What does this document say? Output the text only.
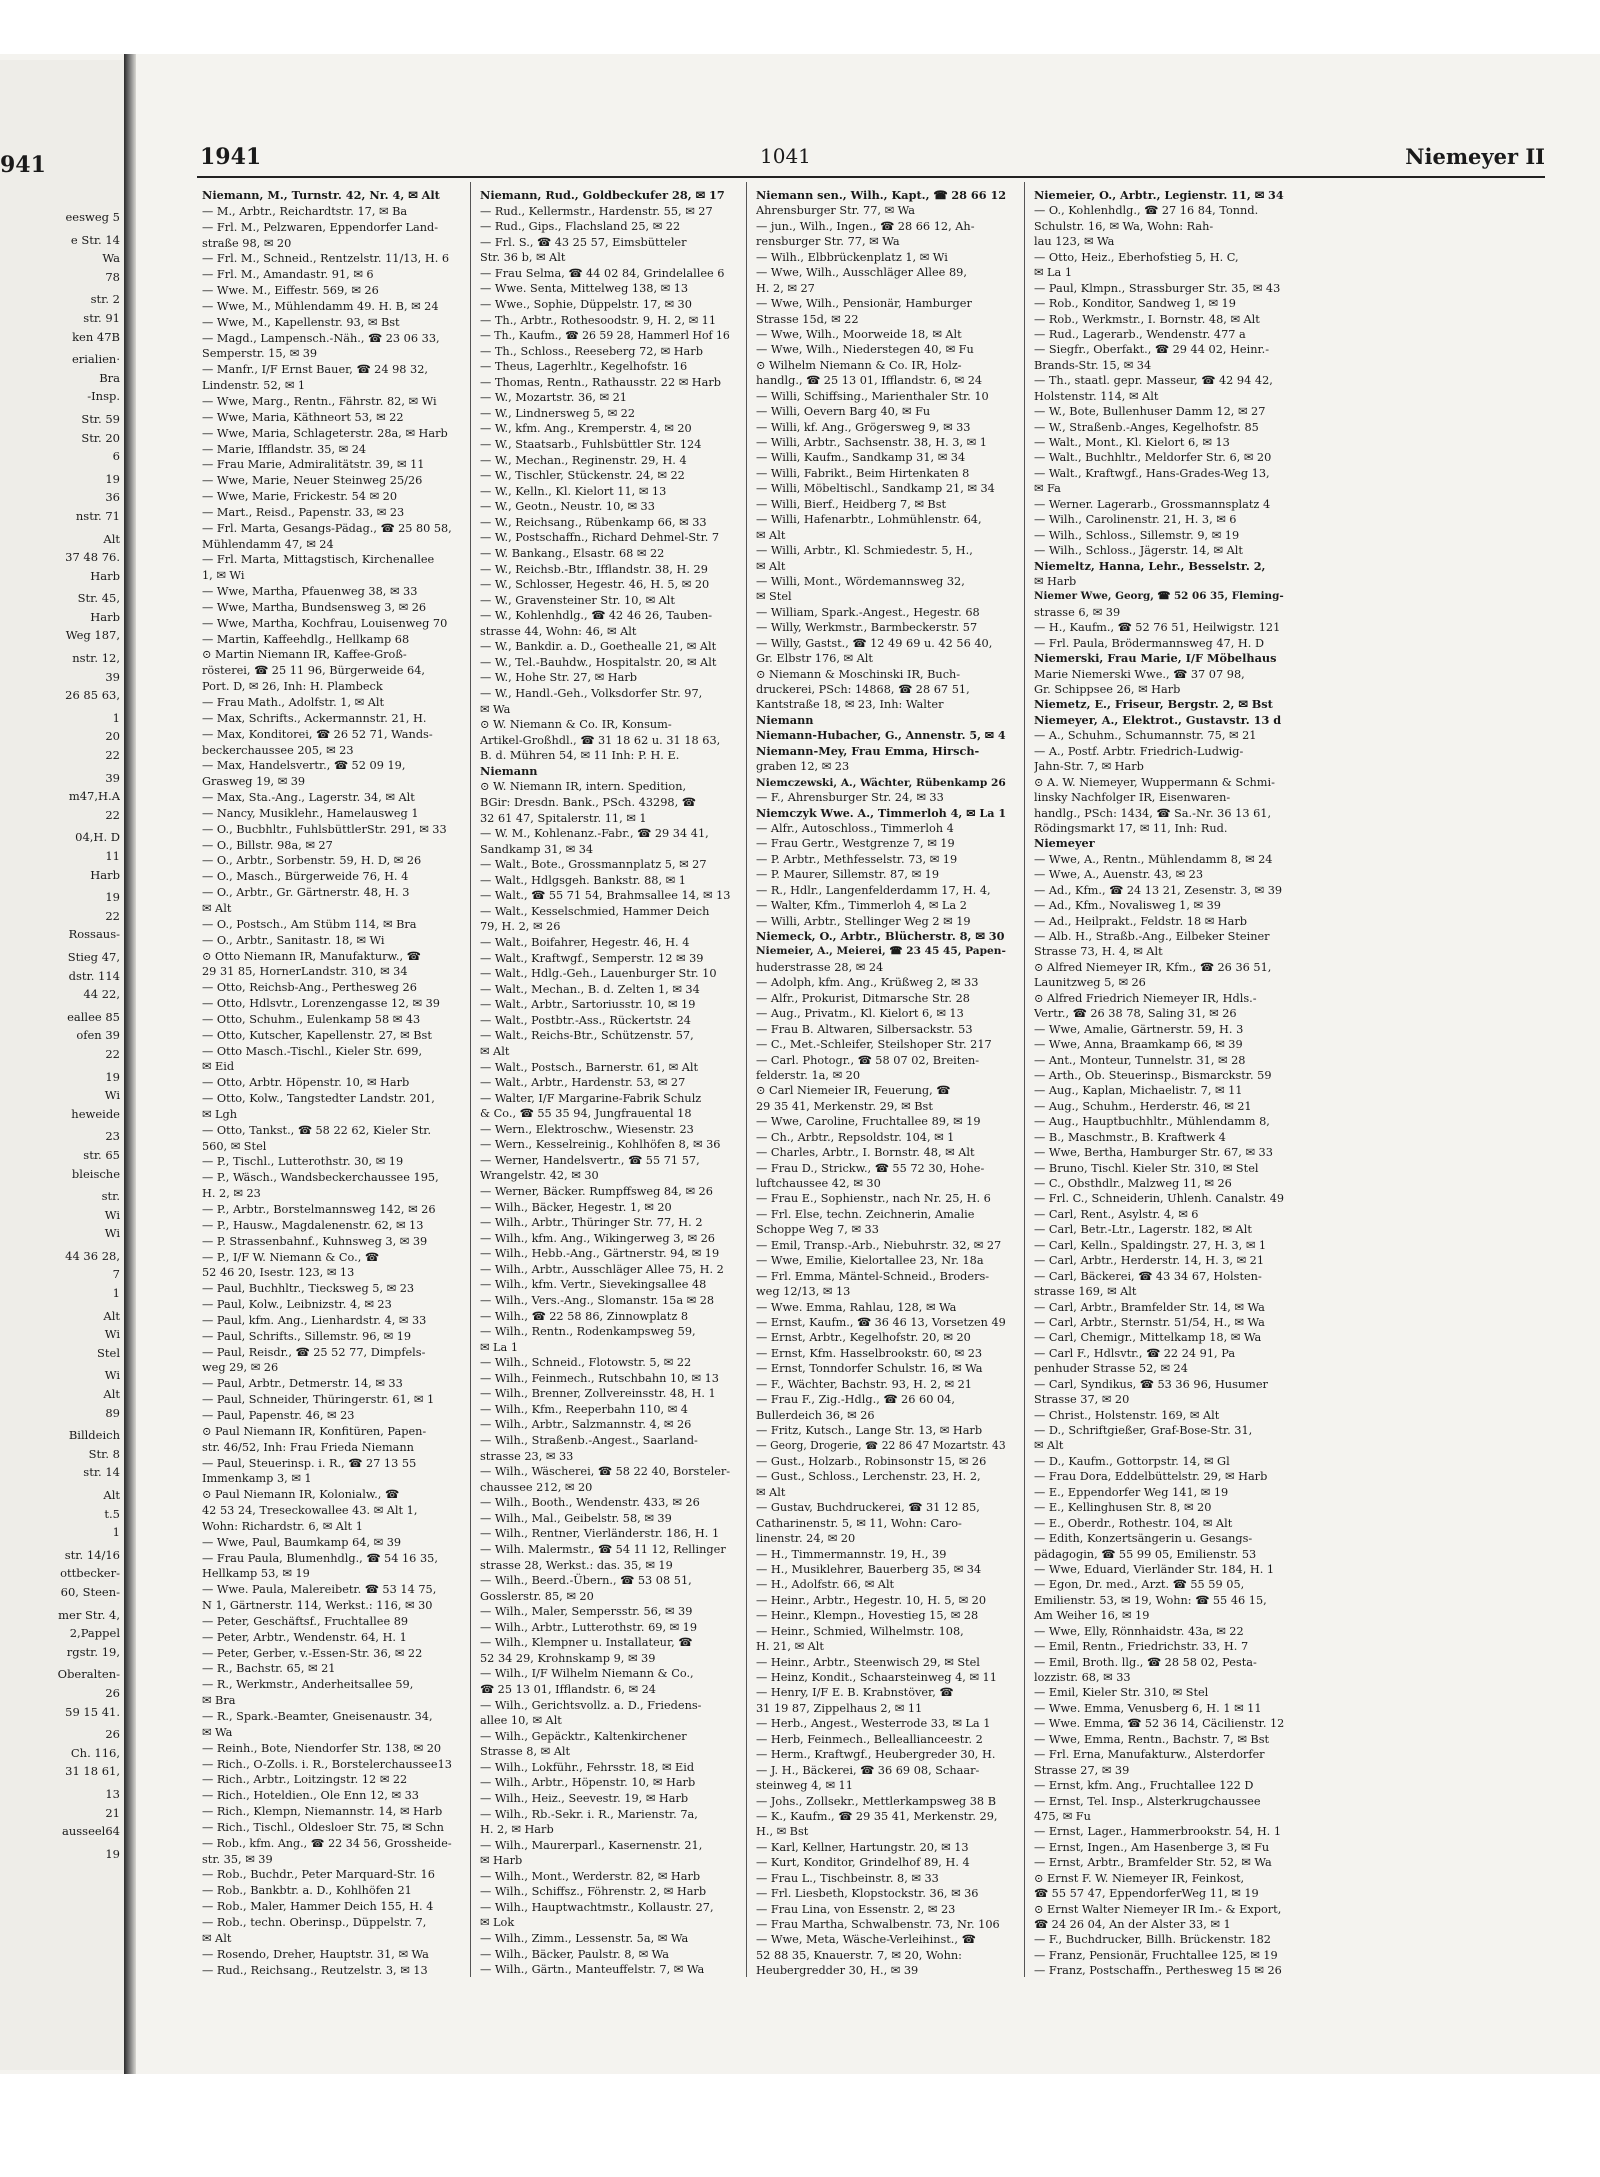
941
eesweg 5
e Str. 14
Wa
78
str. 2
str. 91
ken 47B
erialien·
Bra
-Insp.
Str. 59
Str. 20
6
19
36
nstr. 71
Alt
37 48 76.
Harb
Str. 45,
Harb
Weg 187,
nstr. 12,
39
26 85 63,
1
20
22
39
m47,H.A
22
04,H. D
11
Harb
19
22
Rossaus-
Stieg 47,
dstr. 114
44 22,
eallee 85
ofen 39
22
19
Wi
heweide
23
str. 65
bleische
str.
Wi
Wi
44 36 28,
7
1
Alt
Wi
Stel
Wi
Alt
89
Billdeich
Str. 8
str. 14
Alt
t.5
1
str. 14/16
ottbecker-
60, Steen-
mer Str. 4,
2,Pappel
rgstr. 19,
Oberalten-
26
59 15 41.
26
Ch. 116,
31 18 61,
13
21
ausseel64
19
1941	1041	Niemeyer II
Niemann, M., Turnstr. 42, Nr. 4, ✉ Alt
— M., Arbtr., Reichardtstr. 17, ✉ Ba
— Frl. M., Pelzwaren, Eppendorfer Land-
straße 98, ✉ 20
— Frl. M., Schneid., Rentzelstr. 11/13, H. 6
— Frl. M., Amandastr. 91, ✉ 6
— Wwe. M., Eiffestr. 569, ✉ 26
— Wwe, M., Mühlendamm 49. H. B, ✉ 24
— Wwe, M., Kapellenstr. 93, ✉ Bst
— Magd., Lampensch.-Näh., ☎ 23 06 33,
Semperstr. 15, ✉ 39
— Manfr., I/F Ernst Bauer, ☎ 24 98 32,
Lindenstr. 52, ✉ 1
— Wwe, Marg., Rentn., Fährstr. 82, ✉ Wi
— Wwe, Maria, Käthneort 53, ✉ 22
— Wwe, Maria, Schlageterstr. 28a, ✉ Harb
— Marie, Ifflandstr. 35, ✉ 24
— Frau Marie, Admiralitätstr. 39, ✉ 11
— Wwe, Marie, Neuer Steinweg 25/26
— Wwe, Marie, Frickestr. 54 ✉ 20
— Mart., Reisd., Papenstr. 33, ✉ 23
— Frl. Marta, Gesangs-Pädag., ☎ 25 80 58,
Mühlendamm 47, ✉ 24
— Frl. Marta, Mittagstisch, Kirchenallee
1, ✉ Wi
— Wwe, Martha, Pfauenweg 38, ✉ 33
— Wwe, Martha, Bundsensweg 3, ✉ 26
— Wwe, Martha, Kochfrau, Louisenweg 70
— Martin, Kaffeehdlg., Hellkamp 68
⊙ Martin Niemann IR, Kaffee-Groß-
rösterei, ☎ 25 11 96, Bürgerweide 64,
Port. D, ✉ 26, Inh: H. Plambeck
— Frau Math., Adolfstr. 1, ✉ Alt
— Max, Schrifts., Ackermannstr. 21, H.
— Max, Konditorei, ☎ 26 52 71, Wands-
beckerchaussee 205, ✉ 23
— Max, Handelsvertr., ☎ 52 09 19,
Grasweg 19, ✉ 39
— Max, Sta.-Ang., Lagerstr. 34, ✉ Alt
— Nancy, Musiklehr., Hamelausweg 1
— O., Bucbhltr., FuhlsbüttlerStr. 291, ✉ 33
— O., Billstr. 98a, ✉ 27
— O., Arbtr., Sorbenstr. 59, H. D, ✉ 26
— O., Masch., Bürgerweide 76, H. 4
— O., Arbtr., Gr. Gärtnerstr. 48, H. 3
✉ Alt
— O., Postsch., Am Stübm 114, ✉ Bra
— O., Arbtr., Sanitastr. 18, ✉ Wi
⊙ Otto Niemann IR, Manufakturw., ☎
29 31 85, HornerLandstr. 310, ✉ 34
— Otto, Reichsb-Ang., Perthesweg 26
— Otto, Hdlsvtr., Lorenzengasse 12, ✉ 39
— Otto, Schuhm., Eulenkamp 58 ✉ 43
— Otto, Kutscher, Kapellenstr. 27, ✉ Bst
— Otto Masch.-Tischl., Kieler Str. 699,
✉ Eid
— Otto, Arbtr. Höpenstr. 10, ✉ Harb
— Otto, Kolw., Tangstedter Landstr. 201,
✉ Lgh
— Otto, Tankst., ☎ 58 22 62, Kieler Str.
560, ✉ Stel
— P., Tischl., Lutterothstr. 30, ✉ 19
— P., Wäsch., Wandsbeckerchaussee 195,
H. 2, ✉ 23
— P., Arbtr., Borstelmannsweg 142, ✉ 26
— P., Hausw., Magdalenenstr. 62, ✉ 13
— P. Strassenbahnf., Kuhnsweg 3, ✉ 39
— P., I/F W. Niemann & Co., ☎
52 46 20, Isestr. 123, ✉ 13
— Paul, Buchhltr., Tiecksweg 5, ✉ 23
— Paul, Kolw., Leibnizstr. 4, ✉ 23
— Paul, kfm. Ang., Lienhardstr. 4, ✉ 33
— Paul, Schrifts., Sillemstr. 96, ✉ 19
— Paul, Reisdr., ☎ 25 52 77, Dimpfels-
weg 29, ✉ 26
— Paul, Arbtr., Detmerstr. 14, ✉ 33
— Paul, Schneider, Thüringerstr. 61, ✉ 1
— Paul, Papenstr. 46, ✉ 23
⊙ Paul Niemann IR, Konfitüren, Papen-
str. 46/52, Inh: Frau Frieda Niemann
— Paul, Steuerinsp. i. R., ☎ 27 13 55
Immenkamp 3, ✉ 1
⊙ Paul Niemann IR, Kolonialw., ☎
42 53 24, Treseckowallee 43. ✉ Alt 1,
Wohn: Richardstr. 6, ✉ Alt 1
— Wwe, Paul, Baumkamp 64, ✉ 39
— Frau Paula, Blumenhdlg., ☎ 54 16 35,
Hellkamp 53, ✉ 19
— Wwe. Paula, Malereibetr. ☎ 53 14 75,
N 1, Gärtnerstr. 114, Werkst.: 116, ✉ 30
— Peter, Geschäftsf., Fruchtallee 89
— Peter, Arbtr., Wendenstr. 64, H. 1
— Peter, Gerber, v.-Essen-Str. 36, ✉ 22
— R., Bachstr. 65, ✉ 21
— R., Werkmstr., Anderheitsallee 59,
✉ Bra
— R., Spark.-Beamter, Gneisenaustr. 34,
✉ Wa
— Reinh., Bote, Niendorfer Str. 138, ✉ 20
— Rich., O-Zolls. i. R., Borstelerchaussee13
— Rich., Arbtr., Loitzingstr. 12 ✉ 22
— Rich., Hoteldien., Ole Enn 12, ✉ 33
— Rich., Klempn, Niemannstr. 14, ✉ Harb
— Rich., Tischl., Oldesloer Str. 75, ✉ Schn
— Rob., kfm. Ang., ☎ 22 34 56, Grossheide-
str. 35, ✉ 39
— Rob., Buchdr., Peter Marquard-Str. 16
— Rob., Bankbtr. a. D., Kohlhöfen 21
— Rob., Maler, Hammer Deich 155, H. 4
— Rob., techn. Oberinsp., Düppelstr. 7,
✉ Alt
— Rosendo, Dreher, Hauptstr. 31, ✉ Wa
— Rud., Reichsang., Reutzelstr. 3, ✉ 13
Niemann, Rud., Goldbeckufer 28, ✉ 17
— Rud., Kellermstr., Hardenstr. 55, ✉ 27
— Rud., Gips., Flachsland 25, ✉ 22
— Frl. S., ☎ 43 25 57, Eimsbütteler
Str. 36 b, ✉ Alt
— Frau Selma, ☎ 44 02 84, Grindelallee 6
— Wwe. Senta, Mittelweg 138, ✉ 13
— Wwe., Sophie, Düppelstr. 17, ✉ 30
— Th., Arbtr., Rothesoodstr. 9, H. 2, ✉ 11
— Th., Kaufm., ☎ 26 59 28, Hammerl Hof 16
— Th., Schloss., Reeseberg 72, ✉ Harb
— Theus, Lagerhltr., Kegelhofstr. 16
— Thomas, Rentn., Rathausstr. 22 ✉ Harb
— W., Mozartstr. 36, ✉ 21
— W., Lindnersweg 5, ✉ 22
— W., kfm. Ang., Kremperstr. 4, ✉ 20
— W., Staatsarb., Fuhlsbüttler Str. 124
— W., Mechan., Reginenstr. 29, H. 4
— W., Tischler, Stückenstr. 24, ✉ 22
— W., Kelln., Kl. Kielort 11, ✉ 13
— W., Geotn., Neustr. 10, ✉ 33
— W., Reichsang., Rübenkamp 66, ✉ 33
— W., Postschaffn., Richard Dehmel-Str. 7
— W. Bankang., Elsastr. 68 ✉ 22
— W., Reichsb.-Btr., Ifflandstr. 38, H. 29
— W., Schlosser, Hegestr. 46, H. 5, ✉ 20
— W., Gravensteiner Str. 10, ✉ Alt
— W., Kohlenhdlg., ☎ 42 46 26, Tauben-
strasse 44, Wohn: 46, ✉ Alt
— W., Bankdir. a. D., Goethealle 21, ✉ Alt
— W., Tel.-Bauhdw., Hospitalstr. 20, ✉ Alt
— W., Hohe Str. 27, ✉ Harb
— W., Handl.-Geh., Volksdorfer Str. 97,
✉ Wa
⊙ W. Niemann & Co. IR, Konsum-
Artikel-Großhdl., ☎ 31 18 62 u. 31 18 63,
B. d. Mühren 54, ✉ 11 Inh: P. H. E.
Niemann
⊙ W. Niemann IR, intern. Spedition,
BGir: Dresdn. Bank., PSch. 43298, ☎
32 61 47, Spitalerstr. 11, ✉ 1
— W. M., Kohlenanz.-Fabr., ☎ 29 34 41,
Sandkamp 31, ✉ 34
— Walt., Bote., Grossmannplatz 5, ✉ 27
— Walt., Hdlgsgeh. Bankstr. 88, ✉ 1
— Walt., ☎ 55 71 54, Brahmsallee 14, ✉ 13
— Walt., Kesselschmied, Hammer Deich
79, H. 2, ✉ 26
— Walt., Boifahrer, Hegestr. 46, H. 4
— Walt., Kraftwgf., Semperstr. 12 ✉ 39
— Walt., Hdlg.-Geh., Lauenburger Str. 10
— Walt., Mechan., B. d. Zelten 1, ✉ 34
— Walt., Arbtr., Sartoriusstr. 10, ✉ 19
— Walt., Postbtr.-Ass., Rückertstr. 24
— Walt., Reichs-Btr., Schützenstr. 57,
✉ Alt
— Walt., Postsch., Barnerstr. 61, ✉ Alt
— Walt., Arbtr., Hardenstr. 53, ✉ 27
— Walter, I/F Margarine-Fabrik Schulz
& Co., ☎ 55 35 94, Jungfrauental 18
— Wern., Elektroschw., Wiesenstr. 23
— Wern., Kesselreinig., Kohlhöfen 8, ✉ 36
— Werner, Handelsvertr., ☎ 55 71 57,
Wrangelstr. 42, ✉ 30
— Werner, Bäcker. Rumpffsweg 84, ✉ 26
— Wilh., Bäcker, Hegestr. 1, ✉ 20
— Wilh., Arbtr., Thüringer Str. 77, H. 2
— Wilh., kfm. Ang., Wikingerweg 3, ✉ 26
— Wilh., Hebb.-Ang., Gärtnerstr. 94, ✉ 19
— Wilh., Arbtr., Ausschläger Allee 75, H. 2
— Wilh., kfm. Vertr., Sievekingsallee 48
— Wilh., Vers.-Ang., Slomanstr. 15a ✉ 28
— Wilh., ☎ 22 58 86, Zinnowplatz 8
— Wilh., Rentn., Rodenkampsweg 59,
✉ La 1
— Wilh., Schneid., Flotowstr. 5, ✉ 22
— Wilh., Feinmech., Rutschbahn 10, ✉ 13
— Wilh., Brenner, Zollvereinsstr. 48, H. 1
— Wilh., Kfm., Reeperbahn 110, ✉ 4
— Wilh., Arbtr., Salzmannstr. 4, ✉ 26
— Wilh., Straßenb.-Angest., Saarland-
strasse 23, ✉ 33
— Wilh., Wäscherei, ☎ 58 22 40, Borsteler-
chaussee 212, ✉ 20
— Wilh., Booth., Wendenstr. 433, ✉ 26
— Wilh., Mal., Geibelstr. 58, ✉ 39
— Wilh., Rentner, Vierländerstr. 186, H. 1
— Wilh. Malermstr., ☎ 54 11 12, Rellinger
strasse 28, Werkst.: das. 35, ✉ 19
— Wilh., Beerd.-Übern., ☎ 53 08 51,
Gosslerstr. 85, ✉ 20
— Wilh., Maler, Sempersstr. 56, ✉ 39
— Wilh., Arbtr., Lutterothstr. 69, ✉ 19
— Wilh., Klempner u. Installateur, ☎
52 34 29, Krohnskamp 9, ✉ 39
— Wilh., I/F Wilhelm Niemann & Co.,
☎ 25 13 01, Ifflandstr. 6, ✉ 24
— Wilh., Gerichtsvollz. a. D., Friedens-
allee 10, ✉ Alt
— Wilh., Gepäcktr., Kaltenkirchener
Strasse 8, ✉ Alt
— Wilh., Lokführ., Fehrsstr. 18, ✉ Eid
— Wilh., Arbtr., Höpenstr. 10, ✉ Harb
— Wilh., Heiz., Seevestr. 19, ✉ Harb
— Wilh., Rb.-Sekr. i. R., Marienstr. 7a,
H. 2, ✉ Harb
— Wilh., Maurerparl., Kasernenstr. 21,
✉ Harb
— Wilh., Mont., Werderstr. 82, ✉ Harb
— Wilh., Schiffsz., Föhrenstr. 2, ✉ Harb
— Wilh., Hauptwachtmstr., Kollaustr. 27,
✉ Lok
— Wilh., Zimm., Lessenstr. 5a, ✉ Wa
— Wilh., Bäcker, Paulstr. 8, ✉ Wa
— Wilh., Gärtn., Manteuffelstr. 7, ✉ Wa
Niemann sen., Wilh., Kapt., ☎ 28 66 12
Ahrensburger Str. 77, ✉ Wa
— jun., Wilh., Ingen., ☎ 28 66 12, Ah-
rensburger Str. 77, ✉ Wa
— Wilh., Elbbrückenplatz 1, ✉ Wi
— Wwe, Wilh., Ausschläger Allee 89,
H. 2, ✉ 27
— Wwe, Wilh., Pensionär, Hamburger
Strasse 15d, ✉ 22
— Wwe, Wilh., Moorweide 18, ✉ Alt
— Wwe, Wilh., Niederstegen 40, ✉ Fu
⊙ Wilhelm Niemann & Co. IR, Holz-
handlg., ☎ 25 13 01, Ifflandstr. 6, ✉ 24
— Willi, Schiffsing., Marienthaler Str. 10
— Willi, Oevern Barg 40, ✉ Fu
— Willi, kf. Ang., Grögersweg 9, ✉ 33
— Willi, Arbtr., Sachsenstr. 38, H. 3, ✉ 1
— Willi, Kaufm., Sandkamp 31, ✉ 34
— Willi, Fabrikt., Beim Hirtenkaten 8
— Willi, Möbeltischl., Sandkamp 21, ✉ 34
— Willi, Bierf., Heidberg 7, ✉ Bst
— Willi, Hafenarbtr., Lohmühlenstr. 64,
✉ Alt
— Willi, Arbtr., Kl. Schmiedestr. 5, H.,
✉ Alt
— Willi, Mont., Wördemannsweg 32,
✉ Stel
— William, Spark.-Angest., Hegestr. 68
— Willy, Werkmstr., Barmbeckerstr. 57
— Willy, Gastst., ☎ 12 49 69 u. 42 56 40,
Gr. Elbstr 176, ✉ Alt
⊙ Niemann & Moschinski IR, Buch-
druckerei, PSch: 14868, ☎ 28 67 51,
Kantstraße 18, ✉ 23, Inh: Walter
Niemann
Niemann-Hubacher, G., Annenstr. 5, ✉ 4
Niemann-Mey, Frau Emma, Hirsch-
graben 12, ✉ 23
Niemczewski, A., Wächter, Rübenkamp 26
— F., Ahrensburger Str. 24, ✉ 33
Niemczyk Wwe. A., Timmerloh 4, ✉ La 1
— Alfr., Autoschloss., Timmerloh 4
— Frau Gertr., Westgrenze 7, ✉ 19
— P. Arbtr., Methfesselstr. 73, ✉ 19
— P. Maurer, Sillemstr. 87, ✉ 19
— R., Hdlr., Langenfelderdamm 17, H. 4,
— Walter, Kfm., Timmerloh 4, ✉ La 2
— Willi, Arbtr., Stellinger Weg 2 ✉ 19
Niemeck, O., Arbtr., Blücherstr. 8, ✉ 30
Niemeier, A., Meierei, ☎ 23 45 45, Papen-
huderstrasse 28, ✉ 24
— Adolph, kfm. Ang., Krüßweg 2, ✉ 33
— Alfr., Prokurist, Ditmarsche Str. 28
— Aug., Privatm., Kl. Kielort 6, ✉ 13
— Frau B. Altwaren, Silbersackstr. 53
— C., Met.-Schleifer, Steilshoper Str. 217
— Carl. Photogr., ☎ 58 07 02, Breiten-
felderstr. 1a, ✉ 20
⊙ Carl Niemeier IR, Feuerung, ☎
29 35 41, Merkenstr. 29, ✉ Bst
— Wwe, Caroline, Fruchtallee 89, ✉ 19
— Ch., Arbtr., Repsoldstr. 104, ✉ 1
— Charles, Arbtr., I. Bornstr. 48, ✉ Alt
— Frau D., Strickw., ☎ 55 72 30, Hohe-
luftchaussee 42, ✉ 30
— Frau E., Sophienstr., nach Nr. 25, H. 6
— Frl. Else, techn. Zeichnerin, Amalie
Schoppe Weg 7, ✉ 33
— Emil, Transp.-Arb., Niebuhrstr. 32, ✉ 27
— Wwe, Emilie, Kielortallee 23, Nr. 18a
— Frl. Emma, Mäntel-Schneid., Broders-
weg 12/13, ✉ 13
— Wwe. Emma, Rahlau, 128, ✉ Wa
— Ernst, Kaufm., ☎ 36 46 13, Vorsetzen 49
— Ernst, Arbtr., Kegelhofstr. 20, ✉ 20
— Ernst, Kfm. Hasselbrookstr. 60, ✉ 23
— Ernst, Tonndorfer Schulstr. 16, ✉ Wa
— F., Wächter, Bachstr. 93, H. 2, ✉ 21
— Frau F., Zig.-Hdlg., ☎ 26 60 04,
Bullerdeich 36, ✉ 26
— Fritz, Kutsch., Lange Str. 13, ✉ Harb
— Georg, Drogerie, ☎ 22 86 47 Mozartstr. 43
— Gust., Holzarb., Robinsonstr 15, ✉ 26
— Gust., Schloss., Lerchenstr. 23, H. 2,
✉ Alt
— Gustav, Buchdruckerei, ☎ 31 12 85,
Catharinenstr. 5, ✉ 11, Wohn: Caro-
linenstr. 24, ✉ 20
— H., Timmermannstr. 19, H., 39
— H., Musiklehrer, Bauerberg 35, ✉ 34
— H., Adolfstr. 66, ✉ Alt
— Heinr., Arbtr., Hegestr. 10, H. 5, ✉ 20
— Heinr., Klempn., Hovestieg 15, ✉ 28
— Heinr., Schmied, Wilhelmstr. 108,
H. 21, ✉ Alt
— Heinr., Arbtr., Steenwisch 29, ✉ Stel
— Heinz, Kondit., Schaarsteinweg 4, ✉ 11
— Henry, I/F E. B. Krabnstöver, ☎
31 19 87, Zippelhaus 2, ✉ 11
— Herb., Angest., Westerrode 33, ✉ La 1
— Herb, Feinmech., Belleallianceestr. 2
— Herm., Kraftwgf., Heubergreder 30, H.
— J. H., Bäckerei, ☎ 36 69 08, Schaar-
steinweg 4, ✉ 11
— Johs., Zollsekr., Mettlerkampsweg 38 B
— K., Kaufm., ☎ 29 35 41, Merkenstr. 29,
H., ✉ Bst
— Karl, Kellner, Hartungstr. 20, ✉ 13
— Kurt, Konditor, Grindelhof 89, H. 4
— Frau L., Tischbeinstr. 8, ✉ 33
— Frl. Liesbeth, Klopstockstr. 36, ✉ 36
— Frau Lina, von Essenstr. 2, ✉ 23
— Frau Martha, Schwalbenstr. 73, Nr. 106
— Wwe, Meta, Wäsche-Verleihinst., ☎
52 88 35, Knauerstr. 7, ✉ 20, Wohn:
Heubergredder 30, H., ✉ 39
Niemeier, O., Arbtr., Legienstr. 11, ✉ 34
— O., Kohlenhdlg., ☎ 27 16 84, Tonnd.
Schulstr. 16, ✉ Wa, Wohn: Rah-
lau 123, ✉ Wa
— Otto, Heiz., Eberhofstieg 5, H. C,
✉ La 1
— Paul, Klmpn., Strassburger Str. 35, ✉ 43
— Rob., Konditor, Sandweg 1, ✉ 19
— Rob., Werkmstr., I. Bornstr. 48, ✉ Alt
— Rud., Lagerarb., Wendenstr. 477 a
— Siegfr., Oberfakt., ☎ 29 44 02, Heinr.-
Brands-Str. 15, ✉ 34
— Th., staatl. gepr. Masseur, ☎ 42 94 42,
Holstenstr. 114, ✉ Alt
— W., Bote, Bullenhuser Damm 12, ✉ 27
— W., Straßenb.-Anges, Kegelhofstr. 85
— Walt., Mont., Kl. Kielort 6, ✉ 13
— Walt., Buchhltr., Meldorfer Str. 6, ✉ 20
— Walt., Kraftwgf., Hans-Grades-Weg 13,
✉ Fa
— Werner. Lagerarb., Grossmannsplatz 4
— Wilh., Carolinenstr. 21, H. 3, ✉ 6
— Wilh., Schloss., Sillemstr. 9, ✉ 19
— Wilh., Schloss., Jägerstr. 14, ✉ Alt
Niemeltz, Hanna, Lehr., Besselstr. 2,
✉ Harb
Niemer Wwe, Georg, ☎ 52 06 35, Fleming-
strasse 6, ✉ 39
— H., Kaufm., ☎ 52 76 51, Heilwigstr. 121
— Frl. Paula, Brödermannsweg 47, H. D
Niemerski, Frau Marie, I/F Möbelhaus
Marie Niemerski Wwe., ☎ 37 07 98,
Gr. Schippsee 26, ✉ Harb
Niemetz, E., Friseur, Bergstr. 2, ✉ Bst
Niemeyer, A., Elektrot., Gustavstr. 13 d
— A., Schuhm., Schumannstr. 75, ✉ 21
— A., Postf. Arbtr. Friedrich-Ludwig-
Jahn-Str. 7, ✉ Harb
⊙ A. W. Niemeyer, Wuppermann & Schmi-
linsky Nachfolger IR, Eisenwaren-
handlg., PSch: 1434, ☎ Sa.-Nr. 36 13 61,
Rödingsmarkt 17, ✉ 11, Inh: Rud.
Niemeyer
— Wwe, A., Rentn., Mühlendamm 8, ✉ 24
— Wwe, A., Auenstr. 43, ✉ 23
— Ad., Kfm., ☎ 24 13 21, Zesenstr. 3, ✉ 39
— Ad., Kfm., Novalisweg 1, ✉ 39
— Ad., Heilprakt., Feldstr. 18 ✉ Harb
— Alb. H., Straßb.-Ang., Eilbeker Steiner
Strasse 73, H. 4, ✉ Alt
⊙ Alfred Niemeyer IR, Kfm., ☎ 26 36 51,
Launitzweg 5, ✉ 26
⊙ Alfred Friedrich Niemeyer IR, Hdls.-
Vertr., ☎ 26 38 78, Saling 31, ✉ 26
— Wwe, Amalie, Gärtnerstr. 59, H. 3
— Wwe, Anna, Braamkamp 66, ✉ 39
— Ant., Monteur, Tunnelstr. 31, ✉ 28
— Arth., Ob. Steuerinsp., Bismarckstr. 59
— Aug., Kaplan, Michaelistr. 7, ✉ 11
— Aug., Schuhm., Herderstr. 46, ✉ 21
— Aug., Hauptbuchhltr., Mühlendamm 8,
— B., Maschmstr., B. Kraftwerk 4
— Wwe, Bertha, Hamburger Str. 67, ✉ 33
— Bruno, Tischl. Kieler Str. 310, ✉ Stel
— C., Obsthdlr., Malzweg 11, ✉ 26
— Frl. C., Schneiderin, Uhlenh. Canalstr. 49
— Carl, Rent., Asylstr. 4, ✉ 6
— Carl, Betr.-Ltr., Lagerstr. 182, ✉ Alt
— Carl, Kelln., Spaldingstr. 27, H. 3, ✉ 1
— Carl, Arbtr., Herderstr. 14, H. 3, ✉ 21
— Carl, Bäckerei, ☎ 43 34 67, Holsten-
strasse 169, ✉ Alt
— Carl, Arbtr., Bramfelder Str. 14, ✉ Wa
— Carl, Arbtr., Sternstr. 51/54, H., ✉ Wa
— Carl, Chemigr., Mittelkamp 18, ✉ Wa
— Carl F., Hdlsvtr., ☎ 22 24 91, Pa
penhuder Strasse 52, ✉ 24
— Carl, Syndikus, ☎ 53 36 96, Husumer
Strasse 37, ✉ 20
— Christ., Holstenstr. 169, ✉ Alt
— D., Schriftgießer, Graf-Bose-Str. 31,
✉ Alt
— D., Kaufm., Gottorpstr. 14, ✉ Gl
— Frau Dora, Eddelbüttelstr. 29, ✉ Harb
— E., Eppendorfer Weg 141, ✉ 19
— E., Kellinghusen Str. 8, ✉ 20
— E., Oberdr., Rothestr. 104, ✉ Alt
— Edith, Konzertsängerin u. Gesangs-
pädagogin, ☎ 55 99 05, Emilienstr. 53
— Wwe, Eduard, Vierländer Str. 184, H. 1
— Egon, Dr. med., Arzt. ☎ 55 59 05,
Emilienstr. 53, ✉ 19, Wohn: ☎ 55 46 15,
Am Weiher 16, ✉ 19
— Wwe, Elly, Rönnhaidstr. 43a, ✉ 22
— Emil, Rentn., Friedrichstr. 33, H. 7
— Emil, Broth. llg., ☎ 28 58 02, Pesta-
lozzistr. 68, ✉ 33
— Emil, Kieler Str. 310, ✉ Stel
— Wwe. Emma, Venusberg 6, H. 1 ✉ 11
— Wwe. Emma, ☎ 52 36 14, Cäcilienstr. 12
— Wwe, Emma, Rentn., Bachstr. 7, ✉ Bst
— Frl. Erna, Manufakturw., Alsterdorfer
Strasse 27, ✉ 39
— Ernst, kfm. Ang., Fruchtallee 122 D
— Ernst, Tel. Insp., Alsterkrugchaussee
475, ✉ Fu
— Ernst, Lager., Hammerbrookstr. 54, H. 1
— Ernst, Ingen., Am Hasenberge 3, ✉ Fu
— Ernst, Arbtr., Bramfelder Str. 52, ✉ Wa
⊙ Ernst F. W. Niemeyer IR, Feinkost,
☎ 55 57 47, EppendorferWeg 11, ✉ 19
⊙ Ernst Walter Niemeyer IR Im.- & Export,
☎ 24 26 04, An der Alster 33, ✉ 1
— F., Buchdrucker, Billh. Brückenstr. 182
— Franz, Pensionär, Fruchtallee 125, ✉ 19
— Franz, Postschaffn., Perthesweg 15 ✉ 26
